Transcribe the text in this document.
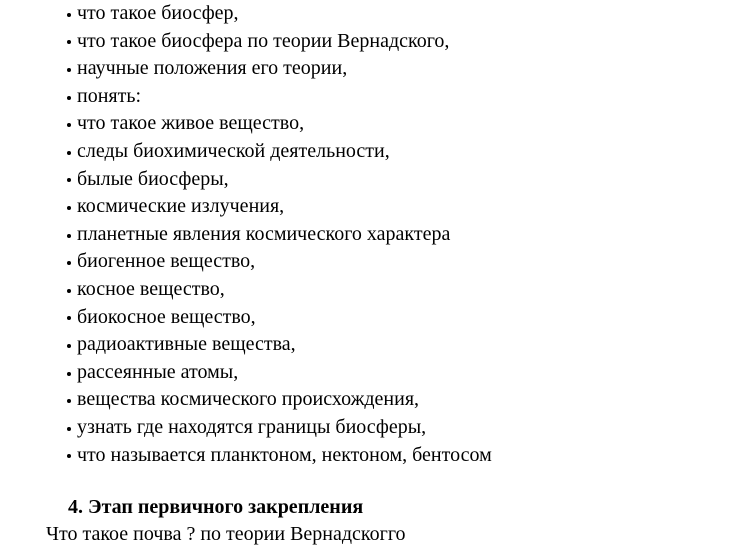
что такое биосфер,
что такое биосфера по теории Вернадского,
научные положения его теории,
понять:
что такое живое вещество,
следы биохимической деятельности,
былые биосферы,
космические излучения,
планетные явления космического характера
биогенное вещество,
косное вещество,
биокосное вещество,
радиоактивные вещества,
рассеянные атомы,
вещества космического происхождения,
узнать где находятся границы биосферы,
что называется планктоном, нектоном, бентосом
4. Этап первичного закрепления
Что такое почва ? по теории Вернадскогго
